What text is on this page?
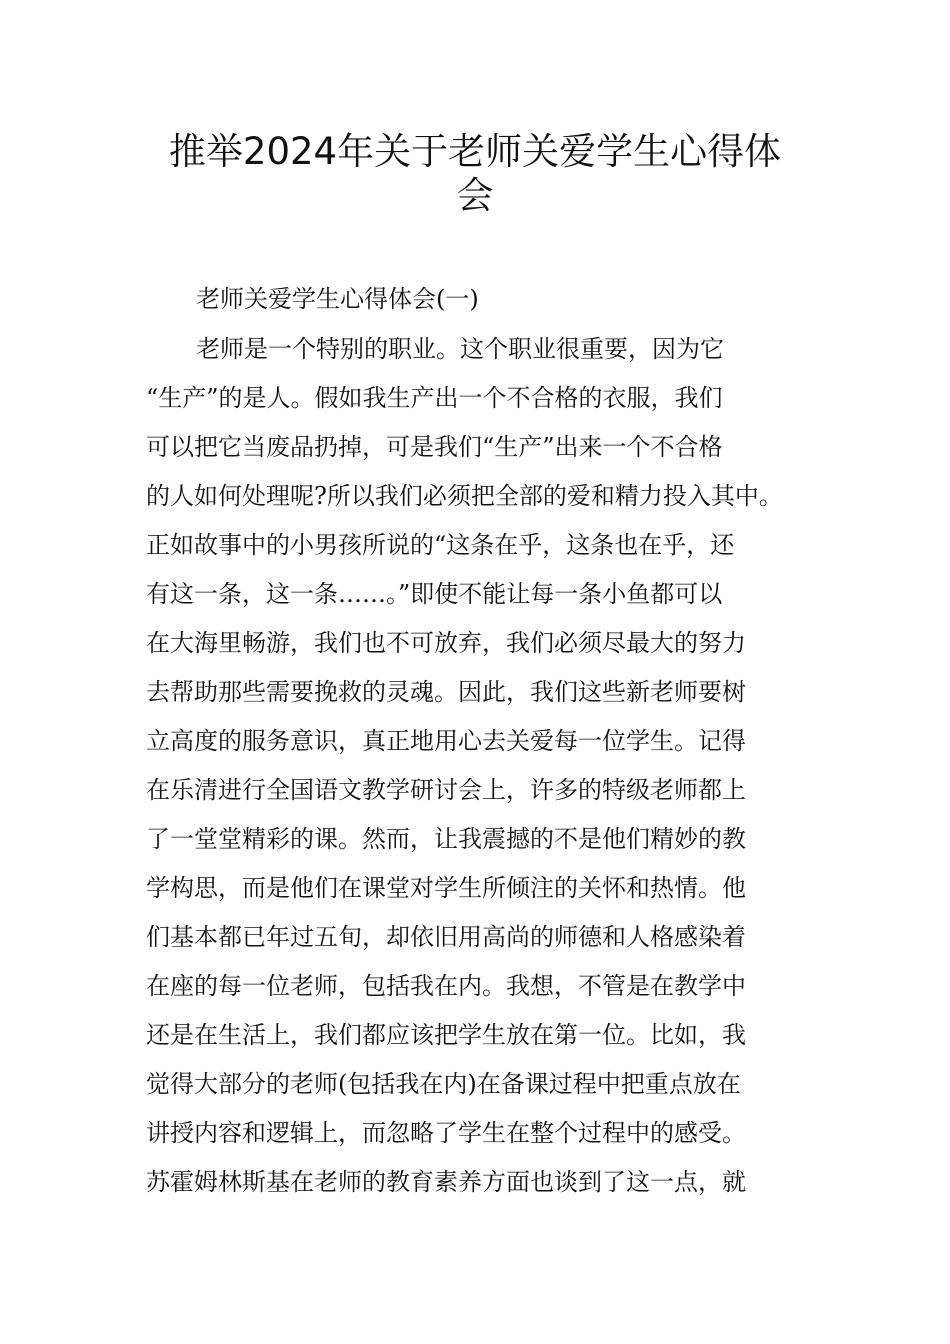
推举2024年关于老师关爱学生心得体
会
老师关爱学生心得体会(一)
老师是一个特别的职业。这个职业很重要，因为它
“生产”的是人。假如我生产出一个不合格的衣服，我们
可以把它当废品扔掉，可是我们“生产”出来一个不合格
的人如何处理呢?所以我们必须把全部的爱和精力投入其中。
正如故事中的小男孩所说的“这条在乎，这条也在乎，还
有这一条，这一条……。”即使不能让每一条小鱼都可以
在大海里畅游，我们也不可放弃，我们必须尽最大的努力
去帮助那些需要挽救的灵魂。因此，我们这些新老师要树
立高度的服务意识，真正地用心去关爱每一位学生。记得
在乐清进行全国语文教学研讨会上，许多的特级老师都上
了一堂堂精彩的课。然而，让我震撼的不是他们精妙的教
学构思，而是他们在课堂对学生所倾注的关怀和热情。他
们基本都已年过五旬，却依旧用高尚的师德和人格感染着
在座的每一位老师，包括我在内。我想，不管是在教学中
还是在生活上，我们都应该把学生放在第一位。比如，我
觉得大部分的老师(包括我在内)在备课过程中把重点放在
讲授内容和逻辑上，而忽略了学生在整个过程中的感受。
苏霍姆林斯基在老师的教育素养方面也谈到了这一点，就
